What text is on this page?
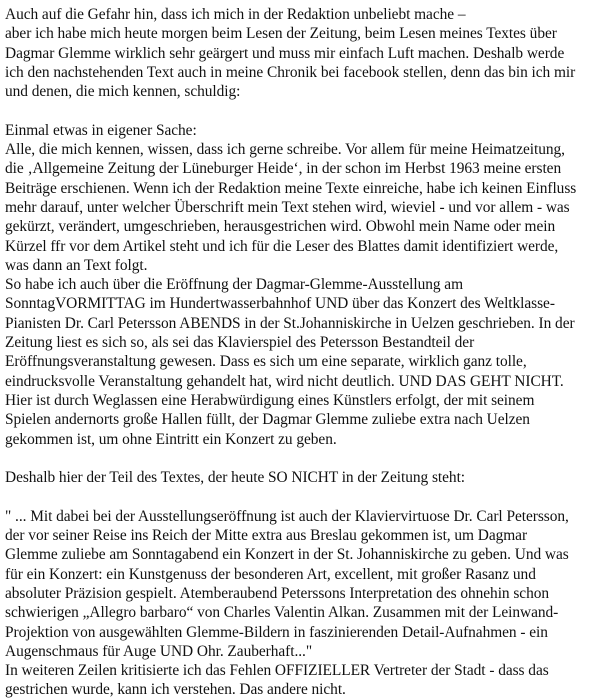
Auch auf die Gefahr hin, dass ich mich in der Redaktion unbeliebt mache –
aber ich habe mich heute morgen beim Lesen der Zeitung, beim Lesen meines Textes über
Dagmar Glemme wirklich sehr geärgert und muss mir einfach Luft machen. Deshalb werde
ich den nachstehenden Text auch in meine Chronik bei facebook stellen, denn das bin ich mir
und denen, die mich kennen, schuldig:
Einmal etwas in eigener Sache:
Alle, die mich kennen, wissen, dass ich gerne schreibe. Vor allem für meine Heimatzeitung,
die ‚Allgemeine Zeitung der Lüneburger Heide‘, in der schon im Herbst 1963 meine ersten
Beiträge erschienen. Wenn ich der Redaktion meine Texte einreiche, habe ich keinen Einfluss
mehr darauf, unter welcher Überschrift mein Text stehen wird, wieviel - und vor allem - was
gekürzt, verändert, umgeschrieben, herausgestrichen wird. Obwohl mein Name oder mein
Kürzel ffr vor dem Artikel steht und ich für die Leser des Blattes damit identifiziert werde,
was dann an Text folgt.
So habe ich auch über die Eröffnung der Dagmar-Glemme-Ausstellung am
SonntagVORMITTAG im Hundertwasserbahnhof UND über das Konzert des Weltklasse-
Pianisten Dr. Carl Petersson ABENDS in der St.Johanniskirche in Uelzen geschrieben. In der
Zeitung liest es sich so, als sei das Klavierspiel des Petersson Bestandteil der
Eröffnungsveranstaltung gewesen. Dass es sich um eine separate, wirklich ganz tolle,
eindrucksvolle Veranstaltung gehandelt hat, wird nicht deutlich. UND DAS GEHT NICHT.
Hier ist durch Weglassen eine Herabwürdigung eines Künstlers erfolgt, der mit seinem
Spielen andernorts große Hallen füllt, der Dagmar Glemme zuliebe extra nach Uelzen
gekommen ist, um ohne Eintritt ein Konzert zu geben.
Deshalb hier der Teil des Textes, der heute SO NICHT in der Zeitung steht:
" ... Mit dabei bei der Ausstellungseröffnung ist auch der Klaviervirtuose Dr. Carl Petersson,
der vor seiner Reise ins Reich der Mitte extra aus Breslau gekommen ist, um Dagmar
Glemme zuliebe am Sonntagabend ein Konzert in der St. Johanniskirche zu geben. Und was
für ein Konzert: ein Kunstgenuss der besonderen Art, excellent, mit großer Rasanz und
absoluter Präzision gespielt. Atemberaubend Peterssons Interpretation des ohnehin schon
schwierigen „Allegro barbaro“ von Charles Valentin Alkan. Zusammen mit der Leinwand-
Projektion von ausgewählten Glemme-Bildern in faszinierenden Detail-Aufnahmen - ein
Augenschmaus für Auge UND Ohr. Zauberhaft..."
In weiteren Zeilen kritisierte ich das Fehlen OFFIZIELLER Vertreter der Stadt - dass das
gestrichen wurde, kann ich verstehen. Das andere nicht.
